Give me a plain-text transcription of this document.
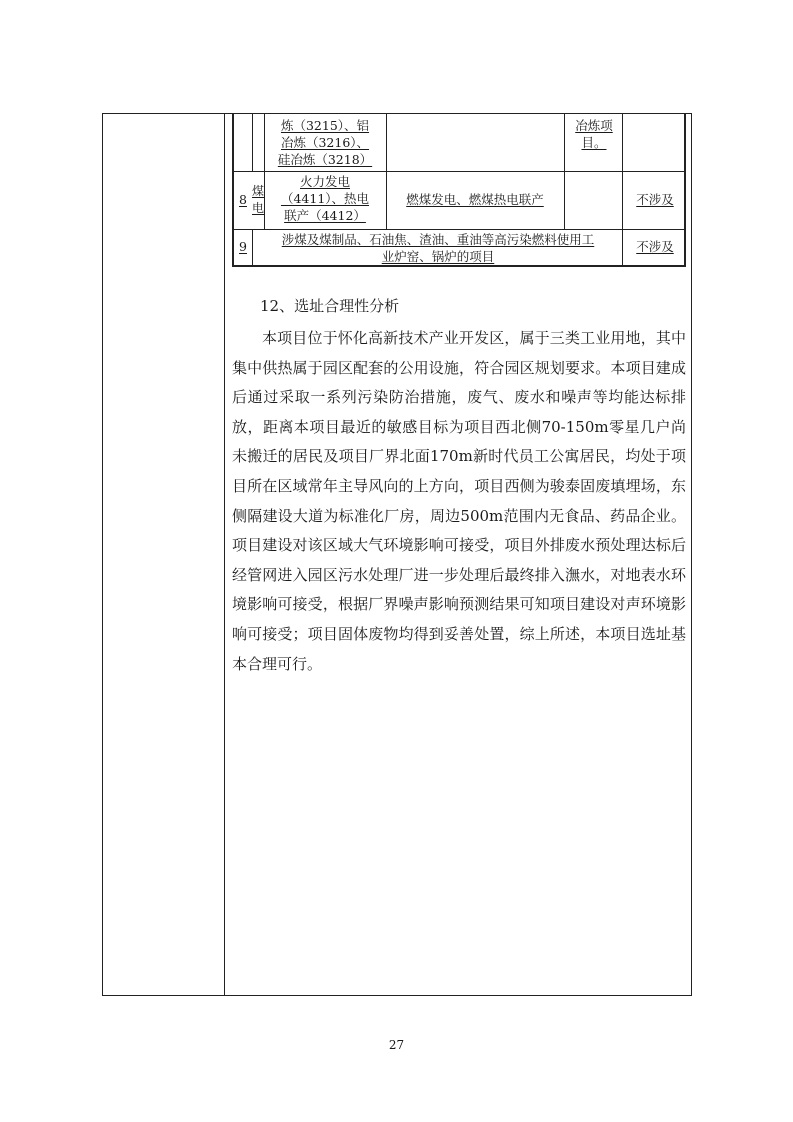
炼（3215）、铝
冶炼（3216）、
硅冶炼（3218）
冶炼项
目。
8
煤
电
火力发电
（4411）、热电
联产（4412）
燃煤发电、燃煤热电联产	不涉及
9	涉煤及煤制品、石油焦、渣油、重油等高污染燃料使用工
业炉窑、锅炉的项目
不涉及
12、选址合理性分析
本项目位于怀化高新技术产业开发区，属于三类工业用地，其中集中供热属于园区配套的公用设施，符合园区规划要求。本项目建成后通过采取一系列污染防治措施，废气、废水和噪声等均能达标排放，距离本项目最近的敏感目标为项目西北侧70-150m零星几户尚未搬迁的居民及项目厂界北面170m新时代员工公寓居民，均处于项目所在区域常年主导风向的上方向，项目西侧为骏泰固废填埋场，东侧隔建设大道为标准化厂房，周边500m范围内无食品、药品企业。项目建设对该区域大气环境影响可接受，项目外排废水预处理达标后经管网进入园区污水处理厂进一步处理后最终排入潕水，对地表水环境影响可接受，根据厂界噪声影响预测结果可知项目建设对声环境影响可接受；项目固体废物均得到妥善处置，综上所述，本项目选址基本合理可行。
27
